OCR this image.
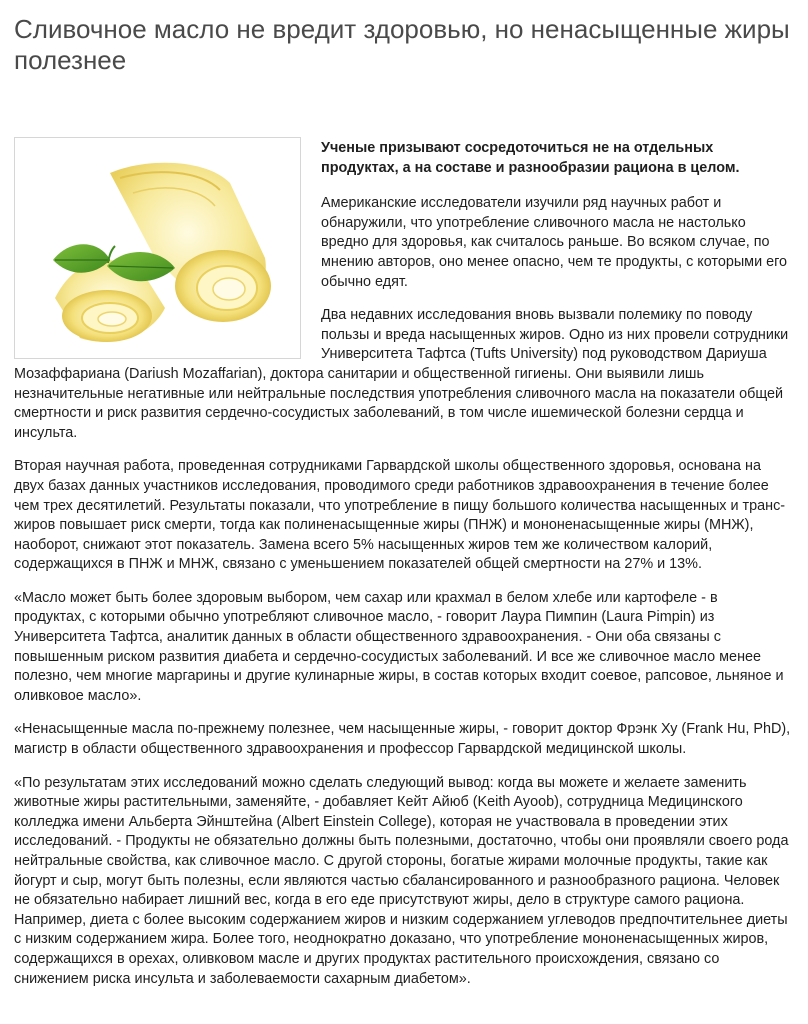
Сливочное масло не вредит здоровью, но ненасыщенные жиры полезнее
Ученые призывают сосредоточиться не на отдельных продуктах, а на составе и разнообразии рациона в целом.

Американские исследователи изучили ряд научных работ и обнаружили, что употребление сливочного масла не настолько вредно для здоровья, как считалось раньше. Во всяком случае, по мнению авторов, оно менее опасно, чем те продукты, с которыми его обычно едят.

Два недавних исследования вновь вызвали полемику по поводу пользы и вреда насыщенных жиров. Одно из них провели сотрудники Университета Тафтса (Tufts University) под руководством Дариуша Мозаффариана (Dariush Mozaffarian), доктора санитарии и общественной гигиены. Они выявили лишь незначительные негативные или нейтральные последствия употребления сливочного масла на показатели общей смертности и риск развития сердечно-сосудистых заболеваний, в том числе ишемической болезни сердца и инсульта.

Вторая научная работа, проведенная сотрудниками Гарвардской школы общественного здоровья, основана на двух базах данных участников исследования, проводимого среди работников здравоохранения в течение более чем трех десятилетий. Результаты показали, что употребление в пищу большого количества насыщенных и транс-жиров повышает риск смерти, тогда как полиненасыщенные жиры (ПНЖ) и мононенасыщенные жиры (МНЖ), наоборот, снижают этот показатель. Замена всего 5% насыщенных жиров тем же количеством калорий, содержащихся в ПНЖ и МНЖ, связано с уменьшением показателей общей смертности на 27% и 13%.

«Масло может быть более здоровым выбором, чем сахар или крахмал в белом хлебе или картофеле - в продуктах, с которыми обычно употребляют сливочное масло, - говорит Лаура Пимпин (Laura Pimpin) из Университета Тафтса, аналитик данных в области общественного здравоохранения. - Они оба связаны с повышенным риском развития диабета и сердечно-сосудистых заболеваний. И все же сливочное масло менее полезно, чем многие маргарины и другие кулинарные жиры, в состав которых входит соевое, рапсовое, льняное и оливковое масло».

«Ненасыщенные масла по-прежнему полезнее, чем насыщенные жиры, - говорит доктор Фрэнк Ху (Frank Hu, PhD), магистр в области общественного здравоохранения и профессор Гарвардской медицинской школы.

«По результатам этих исследований можно сделать следующий вывод: когда вы можете и желаете заменить животные жиры растительными, заменяйте, - добавляет Кейт Айюб (Keith Ayoob), сотрудница Медицинского колледжа имени Альберта Эйнштейна (Albert Einstein College), которая не участвовала в проведении этих исследований. - Продукты не обязательно должны быть полезными, достаточно, чтобы они проявляли своего рода нейтральные свойства, как сливочное масло. С другой стороны, богатые жирами молочные продукты, такие как йогурт и сыр, могут быть полезны, если являются частью сбалансированного и разнообразного рациона. Человек не обязательно набирает лишний вес, когда в его еде присутствуют жиры, дело в структуре самого рациона. Например, диета с более высоким содержанием жиров и низким содержанием углеводов предпочтительнее диеты с низким содержанием жира. Более того, неоднократно доказано, что употребление мононенасыщенных жиров, содержащихся в орехах, оливковом масле и других продуктах растительного происхождения, связано со снижением риска инсульта и заболеваемости сахарным диабетом».
